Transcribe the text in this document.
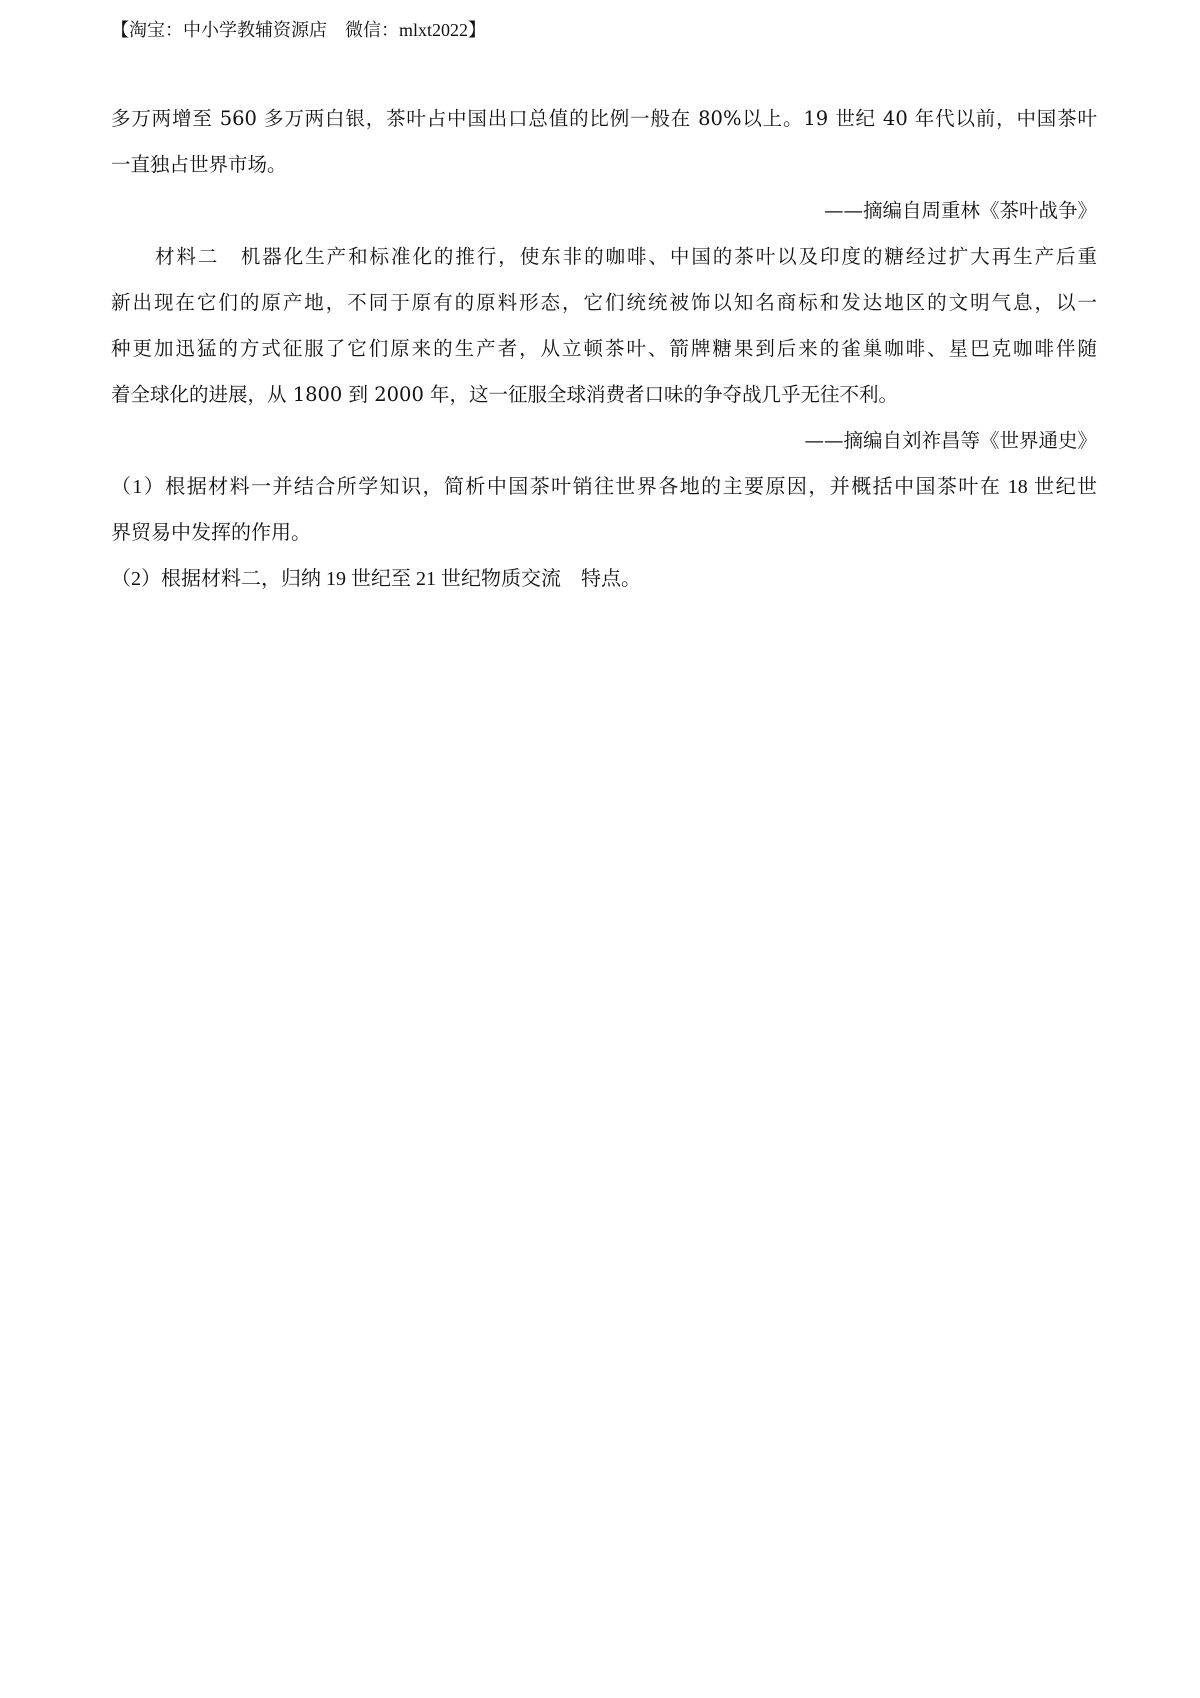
【淘宝：中小学教辅资源店　微信：mlxt2022】
多万两增至 560 多万两白银，茶叶占中国出口总值的比例一般在 80%以上。19 世纪 40 年代以前，中国茶叶
一直独占世界市场。
——摘编自周重林《茶叶战争》
材料二　机器化生产和标准化的推行，使东非的咖啡、中国的茶叶以及印度的糖经过扩大再生产后重
新出现在它们的原产地，不同于原有的原料形态，它们统统被饰以知名商标和发达地区的文明气息，以一
种更加迅猛的方式征服了它们原来的生产者，从立顿茶叶、箭牌糖果到后来的雀巢咖啡、星巴克咖啡伴随
着全球化的进展，从 1800 到 2000 年，这一征服全球消费者口味的争夺战几乎无往不利。
——摘编自刘祚昌等《世界通史》
（1）根据材料一并结合所学知识，简析中国茶叶销往世界各地的主要原因，并概括中国茶叶在 18 世纪世
界贸易中发挥的作用。
（2）根据材料二，归纳 19 世纪至 21 世纪物质交流　特点。
